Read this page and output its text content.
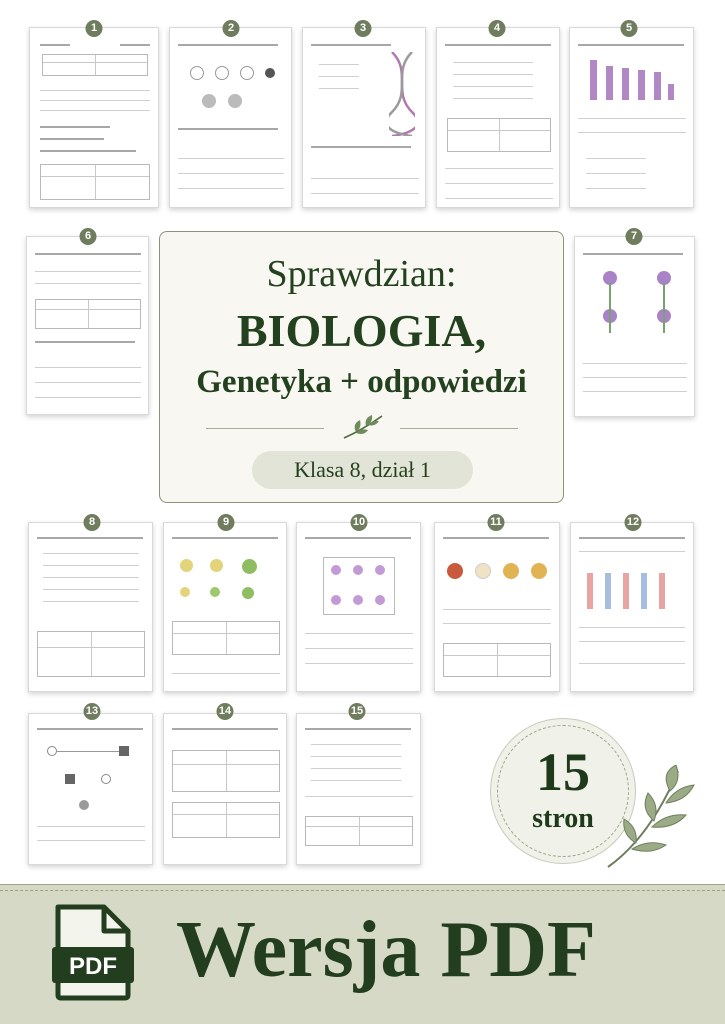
1	2	3	4	5
6	7
8	9	10	11	12
13	14	15
Sprawdzian:
BIOLOGIA,
Genetyka + odpowiedzi
Klasa 8, dział 1
15
stron
PDF Wersja PDF
